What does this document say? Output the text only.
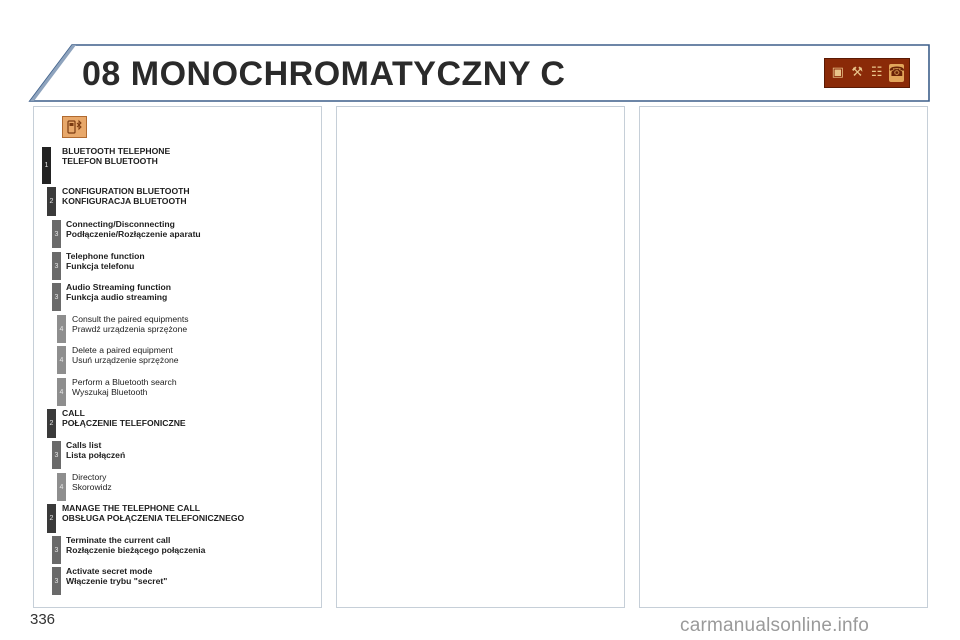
08 MONOCHROMATYCZNY C	▣ ⚒ ☷ ☎
1
BLUETOOTH TELEPHONE
TELEFON BLUETOOTH
2
CONFIGURATION BLUETOOTH
KONFIGURACJA BLUETOOTH
3
Connecting/Disconnecting
Podłączenie/Rozłączenie aparatu
3
Telephone function
Funkcja telefonu
3
Audio Streaming function
Funkcja audio streaming
4
Consult the paired equipments
Prawdź urządzenia sprzężone
4
Delete a paired equipment
Usuń urządzenie sprzężone
4
Perform a Bluetooth search
Wyszukaj Bluetooth
2
CALL
POŁĄCZENIE TELEFONICZNE
3
Calls list
Lista połączeń
4
Directory
Skorowidz
2
MANAGE THE TELEPHONE CALL
OBSŁUGA POŁĄCZENIA TELEFONICZNEGO
3
Terminate the current call
Rozłączenie bieżącego połączenia
3
Activate secret mode
Włączenie trybu "secret"
336	carmanualsonline.info
